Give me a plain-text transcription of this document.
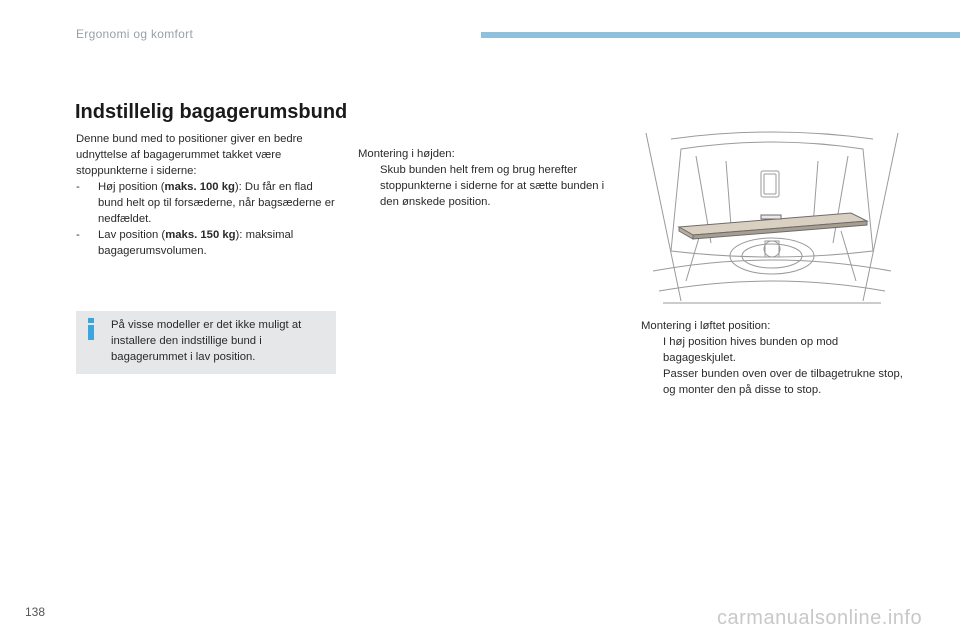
Ergonomi og komfort
Indstillelig bagagerumsbund
Denne bund med to positioner giver en bedre udnyttelse af bagagerummet takket være stoppunkterne i siderne:
- Høj position (maks. 100 kg): Du får en flad bund helt op til forsæderne, når bagsæderne er nedfældet.
- Lav position (maks. 150 kg): maksimal bagagerumsvolumen.
På visse modeller er det ikke muligt at installere den indstillige bund i bagagerummet i lav position.
Montering i højden:
Skub bunden helt frem og brug herefter stoppunkterne i siderne for at sætte bunden i den ønskede position.
Montering i løftet position:
I høj position hives bunden op mod bagageskjulet.
Passer bunden oven over de tilbagetrukne stop, og monter den på disse to stop.
138	carmanualsonline.info
